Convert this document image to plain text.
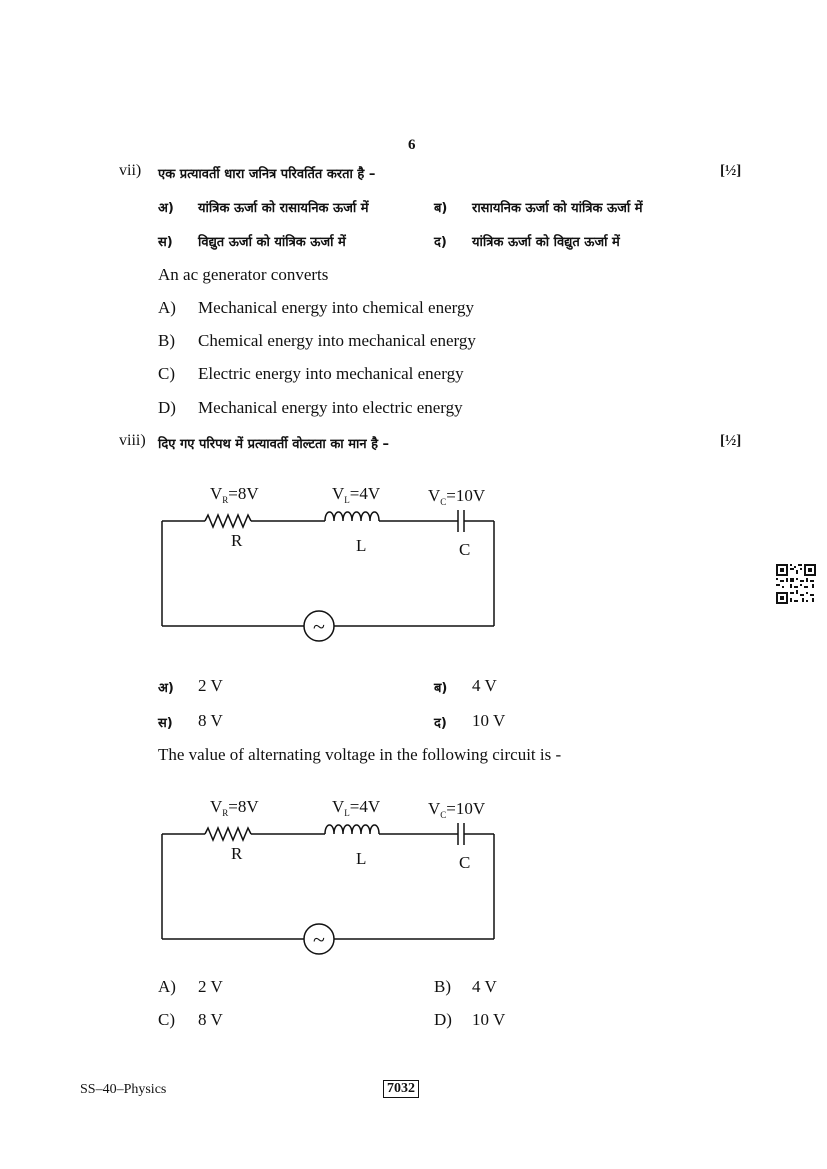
6
vii) एक प्रत्यावर्ती धारा जनित्र परिवर्तित करता है –	[½]
अ) यांत्रिक ऊर्जा को रासायनिक ऊर्जा में	ब) रासायनिक ऊर्जा को यांत्रिक ऊर्जा में
स) विद्युत ऊर्जा को यांत्रिक ऊर्जा में	द) यांत्रिक ऊर्जा को विद्युत ऊर्जा में
An ac generator converts
A) Mechanical energy into chemical energy
B) Chemical energy into mechanical energy
C) Electric energy into mechanical energy
D) Mechanical energy into electric energy
viii) दिए गए परिपथ में प्रत्यावर्ती वोल्टता का मान है –	[½]
$V_R=8V$	$V_L=4V$	$V_C=10V$
R	L	C
~
अ) 2 V	ब) 4 V
स) 8 V	द) 10 V
The value of alternating voltage in the following circuit is -
$V_R=8V$	$V_L=4V$	$V_C=10V$
R	L	C
~
A) 2 V	B) 4 V
C) 8 V	D) 10 V
SS–40–Physics	7032
